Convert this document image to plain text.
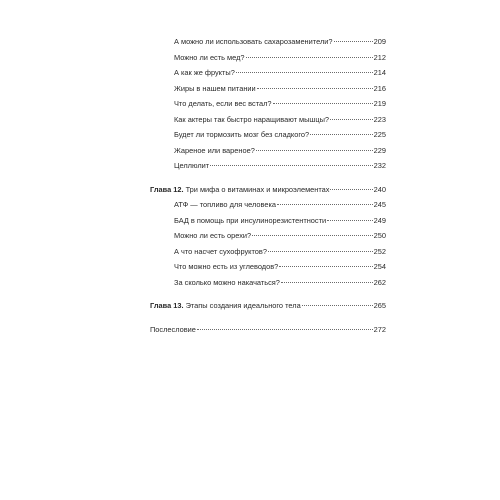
А можно ли использовать сахарозаменители?	209
Можно ли есть мед?	212
А как же фрукты?	214
Жиры в нашем питании	216
Что делать, если вес встал?	219
Как актеры так быстро наращивают мышцы?	223
Будет ли тормозить мозг без сладкого?	225
Жареное или вареное?	229
Целлюлит	232
Глава 12. Три мифа о витаминах и микроэлементах	240
АТФ — топливо для человека	245
БАД в помощь при инсулинорезистентности	249
Можно ли есть орехи?	250
А что насчет сухофруктов?	252
Что можно есть из углеводов?	254
За сколько можно накачаться?	262
Глава 13. Этапы создания идеального тела	265
Послесловие	272
